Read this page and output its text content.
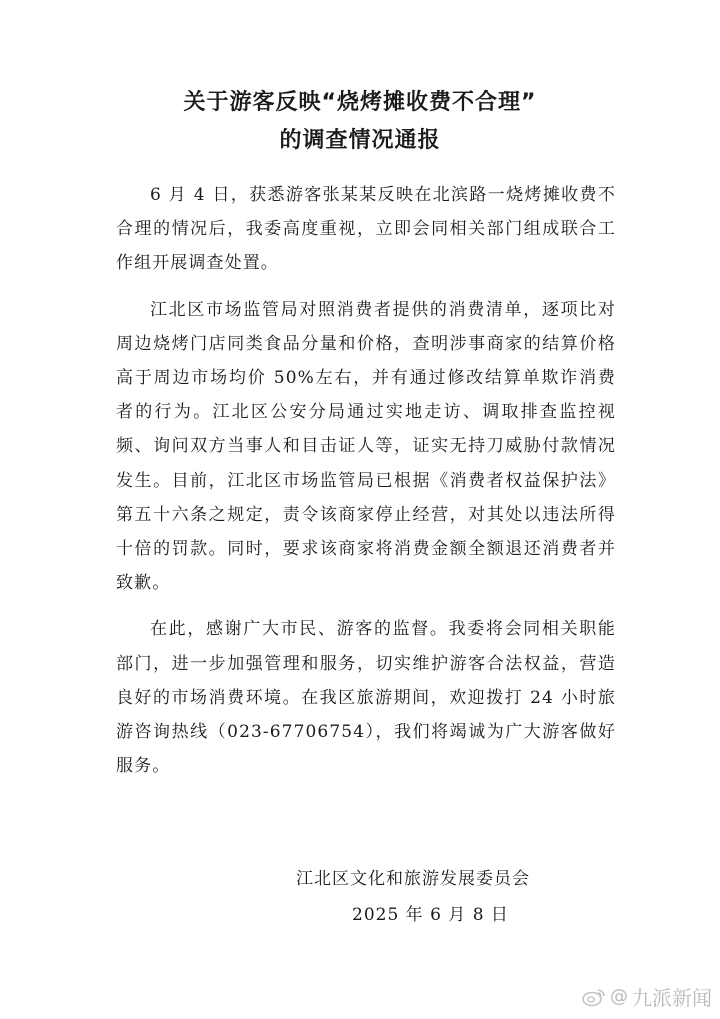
关于游客反映“烧烤摊收费不合理”
的调查情况通报

6 月 4 日，获悉游客张某某反映在北滨路一烧烤摊收费不合理的情况后，我委高度重视，立即会同相关部门组成联合工作组开展调查处置。

江北区市场监管局对照消费者提供的消费清单，逐项比对周边烧烤门店同类食品分量和价格，查明涉事商家的结算价格高于周边市场均价 50%左右，并有通过修改结算单欺诈消费者的行为。江北区公安分局通过实地走访、调取排查监控视频、询问双方当事人和目击证人等，证实无持刀威胁付款情况发生。目前，江北区市场监管局已根据《消费者权益保护法》第五十六条之规定，责令该商家停止经营，对其处以违法所得十倍的罚款。同时，要求该商家将消费金额全额退还消费者并致歉。

在此，感谢广大市民、游客的监督。我委将会同相关职能部门，进一步加强管理和服务，切实维护游客合法权益，营造良好的市场消费环境。在我区旅游期间，欢迎拨打 24 小时旅游咨询热线（023-67706754），我们将竭诚为广大游客做好服务。

江北区文化和旅游发展委员会
2025 年 6 月 8 日
@ 九派新闻
